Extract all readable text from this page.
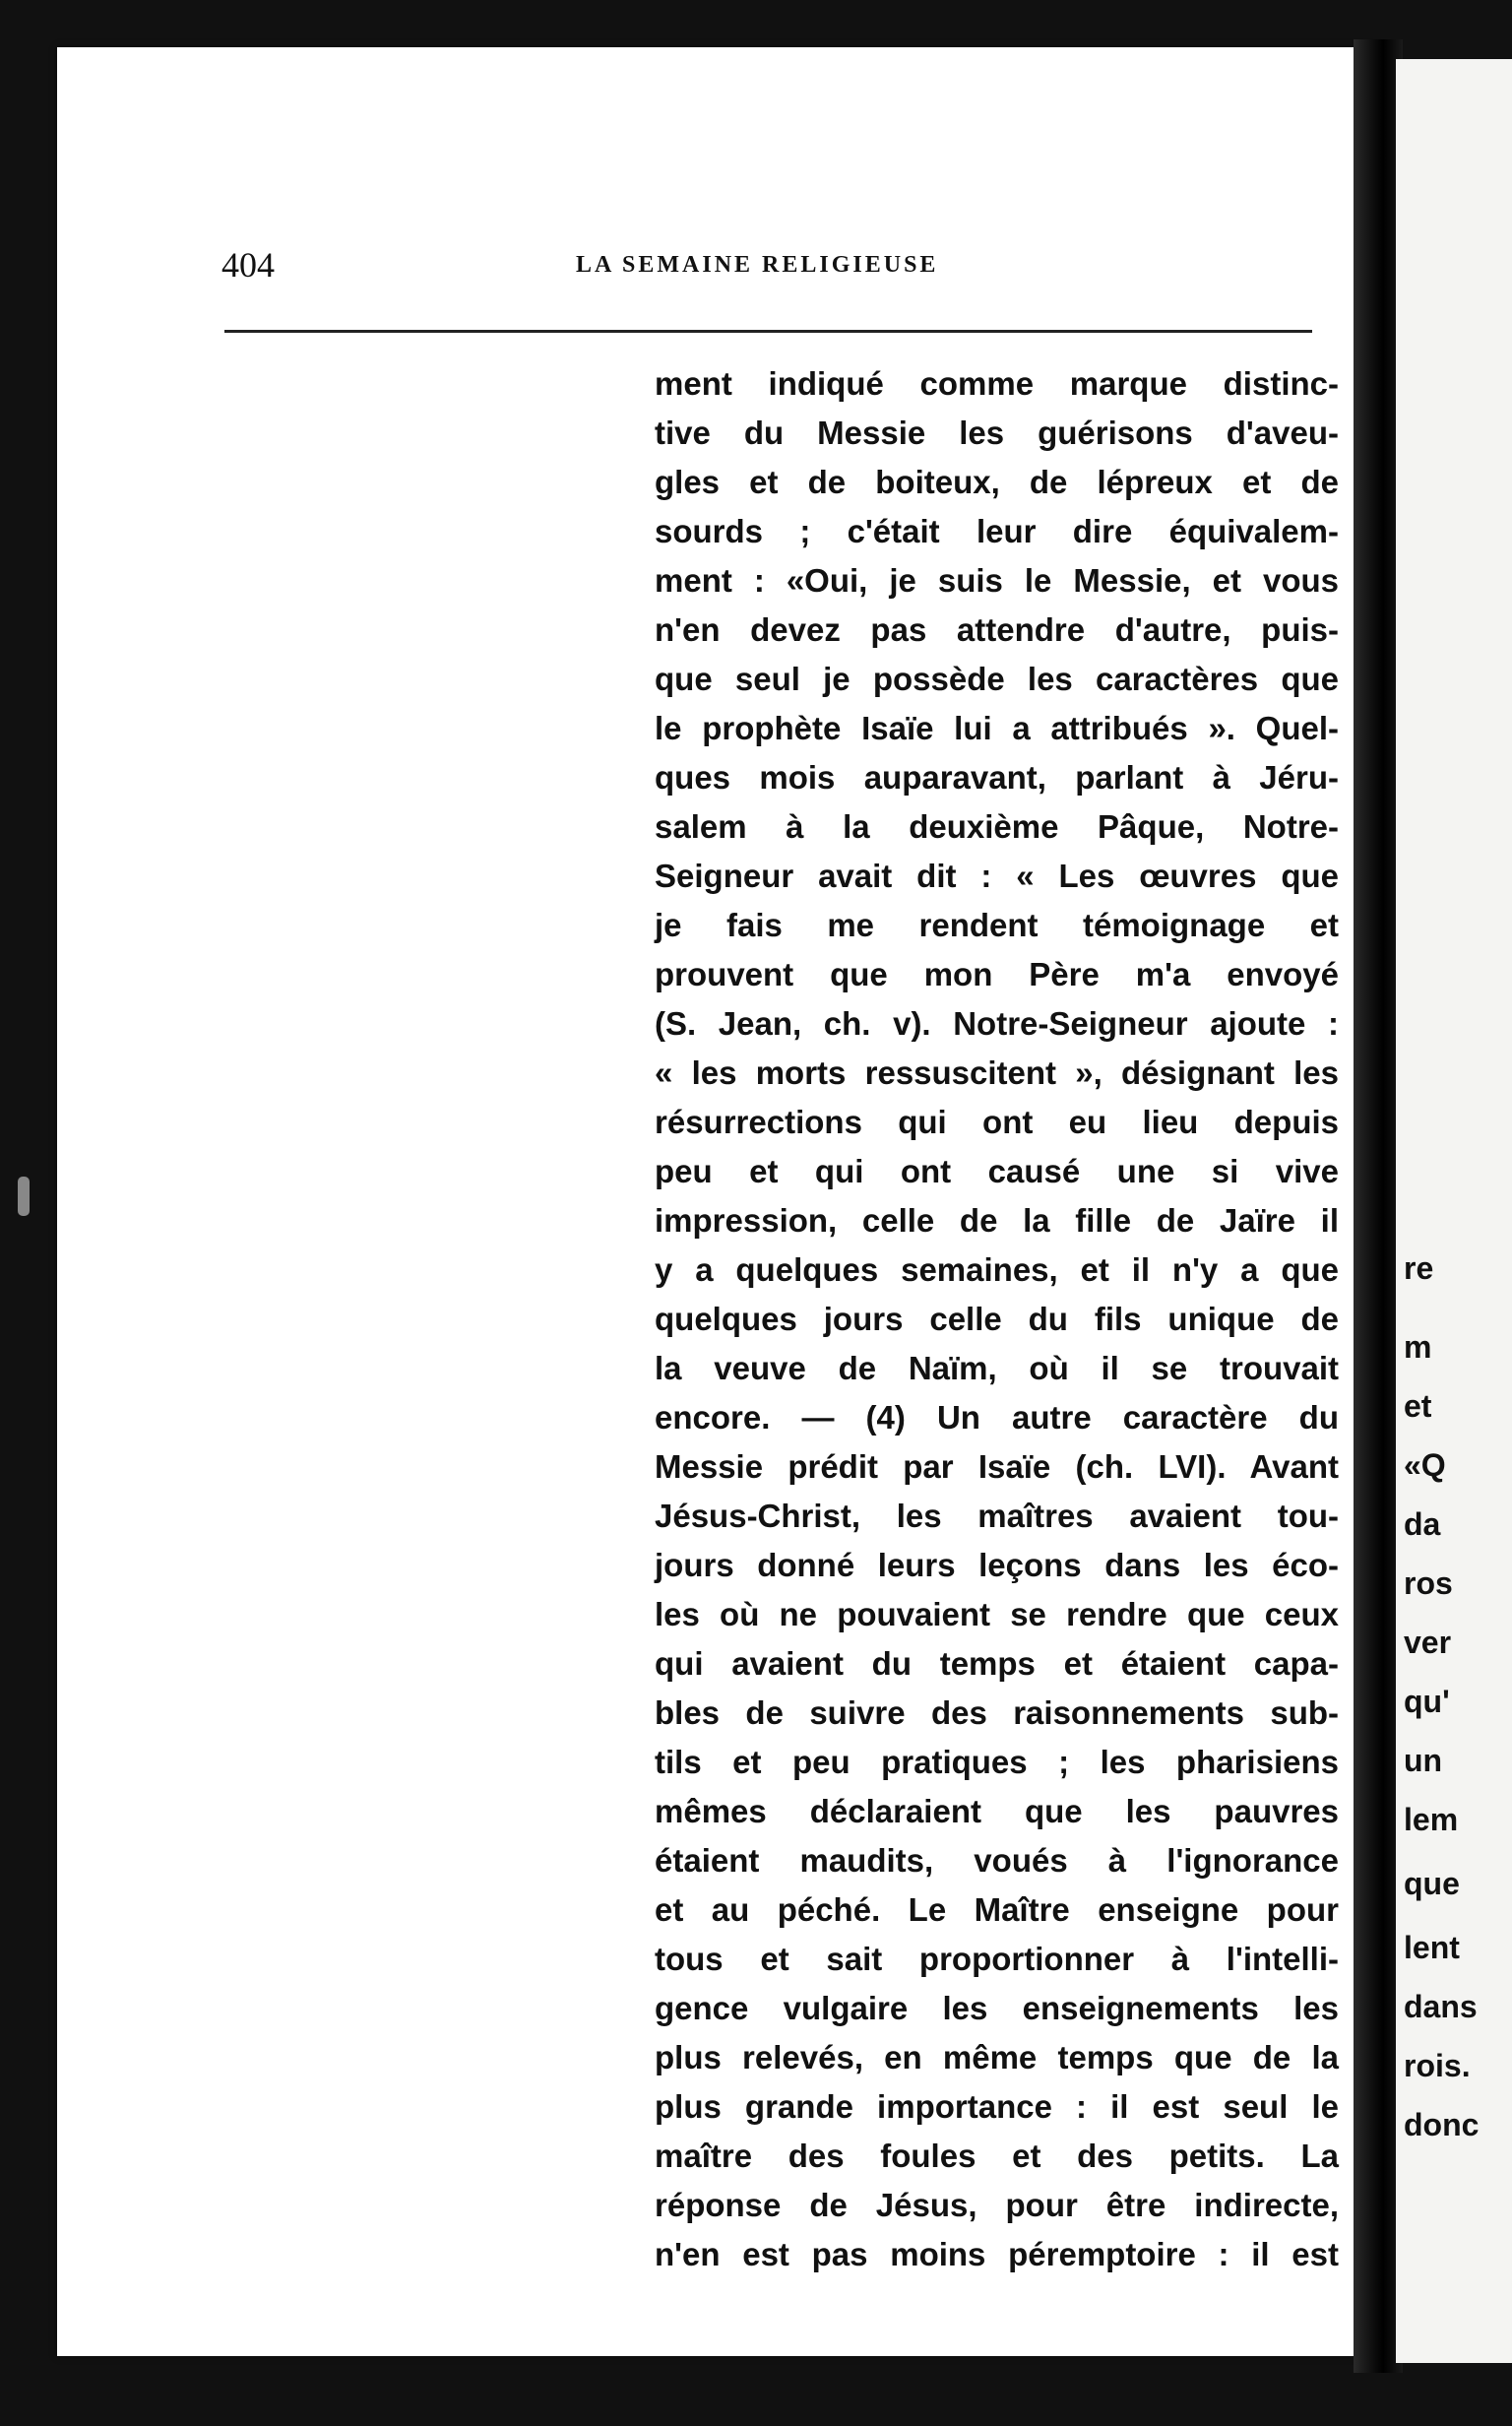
404	LA SEMAINE RELIGIEUSE
ment indiqué comme marque distinc-
tive du Messie les guérisons d'aveu-
gles et de boiteux, de lépreux et de
sourds ; c'était leur dire équivalem-
ment : «Oui, je suis le Messie, et vous
n'en devez pas attendre d'autre, puis-
que seul je possède les caractères que
le prophète Isaïe lui a attribués ». Quel-
ques mois auparavant, parlant à Jéru-
salem à la deuxième Pâque, Notre-
Seigneur avait dit : « Les œuvres que
je fais me rendent témoignage et
prouvent que mon Père m'a envoyé
(S. Jean, ch. v). Notre-Seigneur ajoute :
« les morts ressuscitent », désignant les
résurrections qui ont eu lieu depuis
peu et qui ont causé une si vive
impression, celle de la fille de Jaïre il
y a quelques semaines, et il n'y a que
quelques jours celle du fils unique de
la veuve de Naïm, où il se trouvait
encore. — (4) Un autre caractère du
Messie prédit par Isaïe (ch. LVI). Avant
Jésus-Christ, les maîtres avaient tou-
jours donné leurs leçons dans les éco-
les où ne pouvaient se rendre que ceux
qui avaient du temps et étaient capa-
bles de suivre des raisonnements sub-
tils et peu pratiques ; les pharisiens
mêmes déclaraient que les pauvres
étaient maudits, voués à l'ignorance
et au péché. Le Maître enseigne pour
tous et sait proportionner à l'intelli-
gence vulgaire les enseignements les
plus relevés, en même temps que de la
plus grande importance : il est seul le
maître des foules et des petits. La
réponse de Jésus, pour être indirecte,
n'en est pas moins péremptoire : il est
re
m
et
«Q
da
ros
ver
qu'
un
lem
que
lent
dans
rois.
donc
